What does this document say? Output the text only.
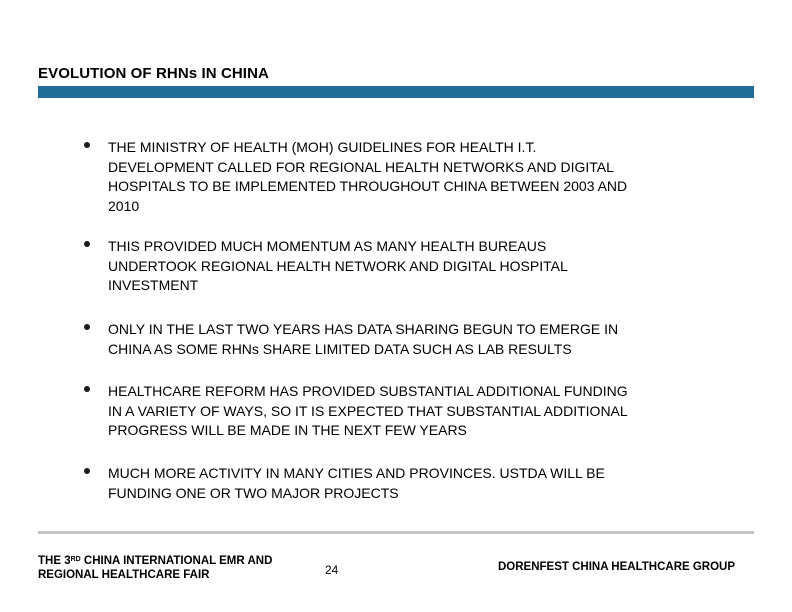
EVOLUTION OF RHNs IN CHINA
THE MINISTRY OF HEALTH (MOH) GUIDELINES FOR HEALTH I.T.
DEVELOPMENT CALLED FOR REGIONAL HEALTH NETWORKS AND DIGITAL
HOSPITALS TO BE IMPLEMENTED THROUGHOUT CHINA BETWEEN 2003 AND
2010
THIS PROVIDED MUCH MOMENTUM AS MANY HEALTH BUREAUS
UNDERTOOK REGIONAL HEALTH NETWORK AND DIGITAL HOSPITAL
INVESTMENT
ONLY IN THE LAST TWO YEARS HAS DATA SHARING BEGUN TO EMERGE IN
CHINA AS SOME RHNs SHARE LIMITED DATA SUCH AS LAB RESULTS
HEALTHCARE REFORM HAS PROVIDED SUBSTANTIAL ADDITIONAL FUNDING
IN A VARIETY OF WAYS, SO IT IS EXPECTED THAT SUBSTANTIAL ADDITIONAL
PROGRESS WILL BE MADE IN THE NEXT FEW YEARS
MUCH MORE ACTIVITY IN MANY CITIES AND PROVINCES. USTDA WILL BE
FUNDING ONE OR TWO MAJOR PROJECTS
THE 3RD CHINA INTERNATIONAL EMR AND
REGIONAL HEALTHCARE FAIR	24	DORENFEST CHINA HEALTHCARE GROUP
